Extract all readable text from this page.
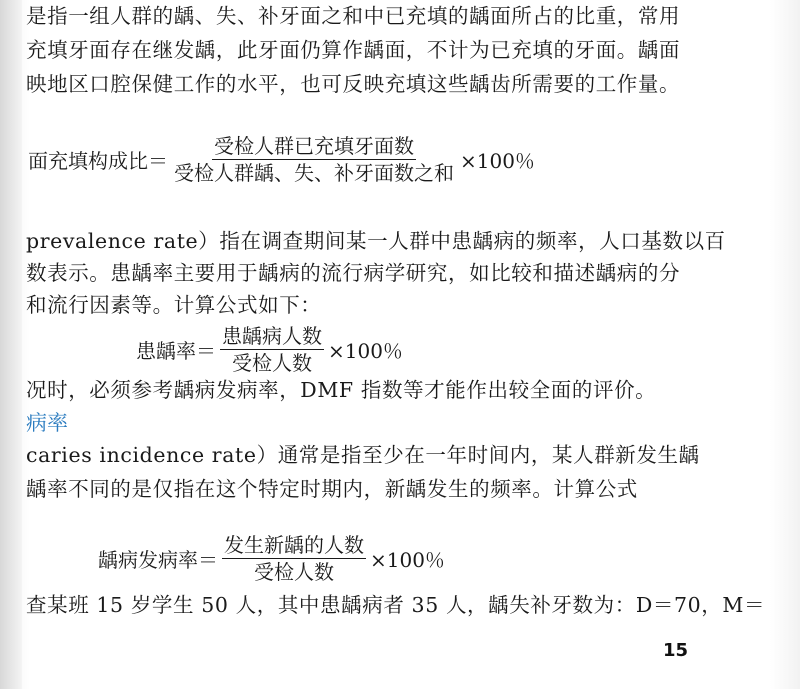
是指一组人群的龋、失、补牙面之和中已充填的龋面所占的比重，常用
充填牙面存在继发龋，此牙面仍算作龋面，不计为已充填的牙面。龋面
映地区口腔保健工作的水平，也可反映充填这些龋齿所需要的工作量。
面充填构成比＝ $\frac{\text{受检人群已充填牙面数}}{\text{受检人群龋、失、补牙面数之和}} \times 100$％
prevalence rate）指在调查期间某一人群中患龋病的频率，人口基数以百
数表示。患龋率主要用于龋病的流行病学研究，如比较和描述龋病的分
和流行因素等。计算公式如下：
患龋率＝ $\frac{\text{患龋病人数}}{\text{受检人数}} \times 100$％
况时，必须参考龋病发病率，DMF 指数等才能作出较全面的评价。
病率
caries incidence rate）通常是指至少在一年时间内，某人群新发生龋
龋率不同的是仅指在这个特定时期内，新龋发生的频率。计算公式
龋病发病率＝ $\frac{\text{发生新龋的人数}}{\text{受检人数}} \times 100$％
查某班 15 岁学生 50 人，其中患龋病者 35 人，龋失补牙数为：D＝70，M＝
15
